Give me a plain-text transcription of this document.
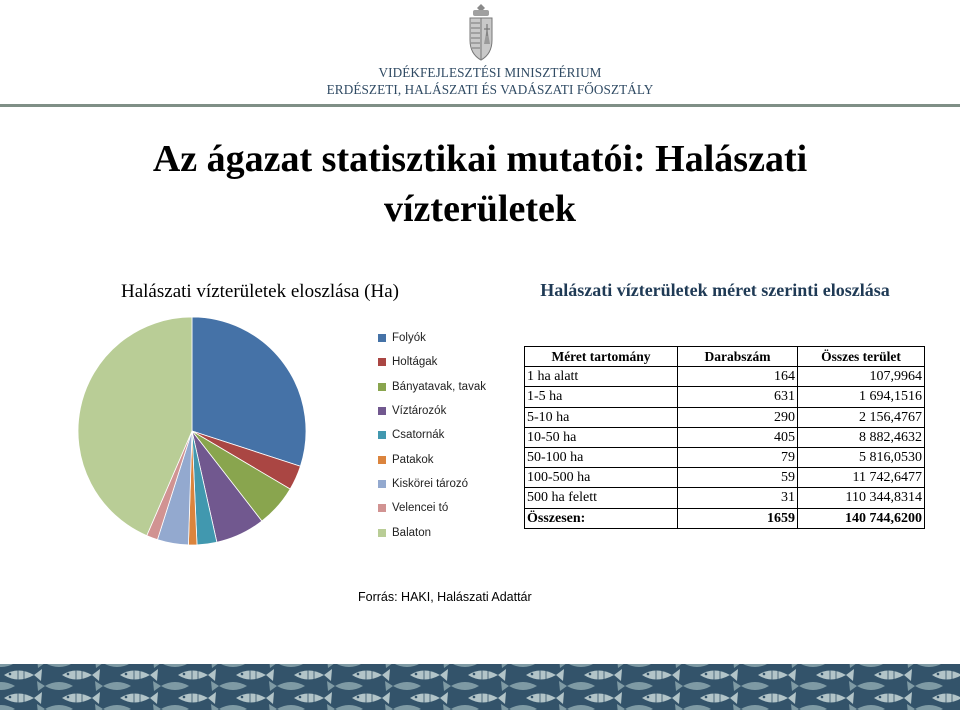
VIDÉKFEJLESZTÉSI MINISZTÉRIUM
ERDÉSZETI, HALÁSZATI ÉS VADÁSZATI FŐOSZTÁLY
Az ágazat statisztikai mutatói: Halászati vízterületek
Halászati vízterületek eloszlása (Ha)
Folyók
Holtágak
Bányatavak, tavak
Víztározók
Csatornák
Patakok
Kiskörei tározó
Velencei tó
Balaton
Halászati vízterületek méret szerinti eloszlása
Méret tartomány	Darabszám	Összes terület
1 ha alatt	164	107,9964
1-5 ha	631	1 694,1516
5-10 ha	290	2 156,4767
10-50 ha	405	8 882,4632
50-100 ha	79	5 816,0530
100-500 ha	59	11 742,6477
500 ha felett	31	110 344,8314
Összesen:	1659	140 744,6200
Forrás: HAKI, Halászati Adattár
